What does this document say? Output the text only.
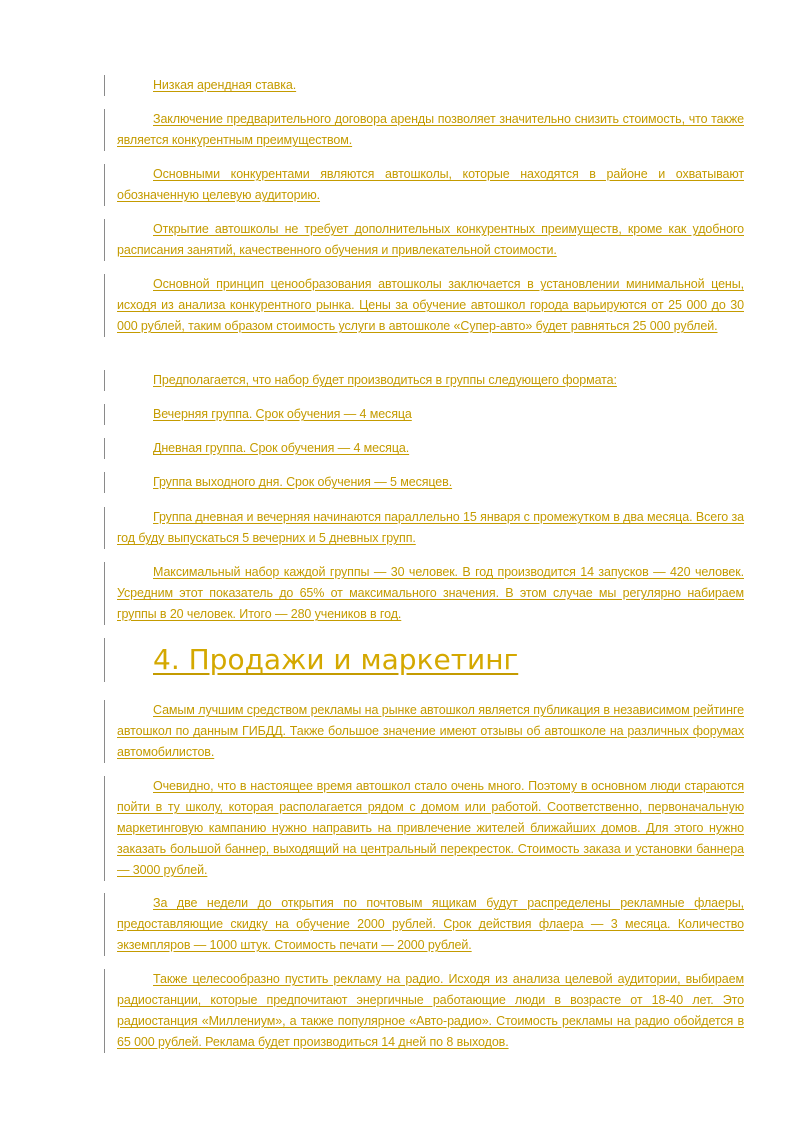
Низкая арендная ставка.

Заключение предварительного договора аренды позволяет значительно снизить стоимость, что также является конкурентным преимуществом.

Основными конкурентами являются автошколы, которые находятся в районе и охватывают обозначенную целевую аудиторию.

Открытие автошколы не требует дополнительных конкурентных преимуществ, кроме как удобного расписания занятий, качественного обучения и привлекательной стоимости.

Основной принцип ценообразования автошколы заключается в установлении минимальной цены, исходя из анализа конкурентного рынка. Цены за обучение автошкол города варьируются от 25 000 до 30 000 рублей, таким образом стоимость услуги в автошколе «Супер-авто» будет равняться 25 000 рублей.

Предполагается, что набор будет производиться в группы следующего формата:

Вечерняя группа. Срок обучения — 4 месяца

Дневная группа. Срок обучения — 4 месяца.

Группа выходного дня. Срок обучения — 5 месяцев.

Группа дневная и вечерняя начинаются параллельно 15 января с промежутком в два месяца. Всего за год буду выпускаться 5 вечерних и 5 дневных групп.

Максимальный набор каждой группы — 30 человек. В год производится 14 запусков — 420 человек. Усредним этот показатель до 65% от максимального значения. В этом случае мы регулярно набираем группы в 20 человек. Итого — 280 учеников в год.

4. Продажи и маркетинг

Самым лучшим средством рекламы на рынке автошкол является публикация в независимом рейтинге автошкол по данным ГИБДД. Также большое значение имеют отзывы об автошколе на различных форумах автомобилистов.

Очевидно, что в настоящее время автошкол стало очень много. Поэтому в основном люди стараются пойти в ту школу, которая располагается рядом с домом или работой. Соответственно, первоначальную маркетинговую кампанию нужно направить на привлечение жителей ближайших домов. Для этого нужно заказать большой баннер, выходящий на центральный перекресток. Стоимость заказа и установки баннера — 3000 рублей.

За две недели до открытия по почтовым ящикам будут распределены рекламные флаеры, предоставляющие скидку на обучение 2000 рублей. Срок действия флаера — 3 месяца. Количество экземпляров — 1000 штук. Стоимость печати — 2000 рублей.

Также целесообразно пустить рекламу на радио. Исходя из анализа целевой аудитории, выбираем радиостанции, которые предпочитают энергичные работающие люди в возрасте от 18-40 лет. Это радиостанция «Миллениум», а также популярное «Авто-радио». Стоимость рекламы на радио обойдется в 65 000 рублей. Реклама будет производиться 14 дней по 8 выходов.
